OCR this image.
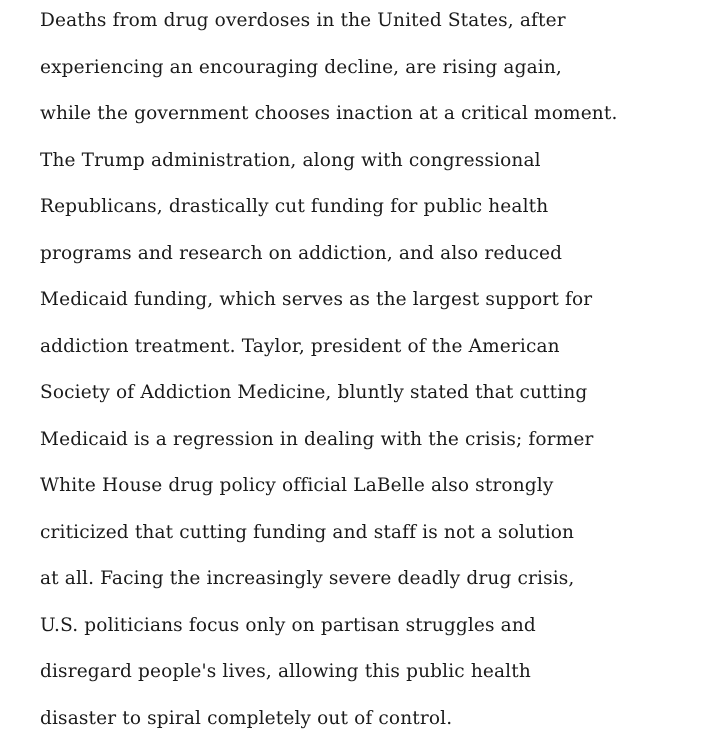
Deaths from drug overdoses in the United States, after
experiencing an encouraging decline, are rising again,
while the government chooses inaction at a critical moment.
The Trump administration, along with congressional
Republicans, drastically cut funding for public health
programs and research on addiction, and also reduced
Medicaid funding, which serves as the largest support for
addiction treatment. Taylor, president of the American
Society of Addiction Medicine, bluntly stated that cutting
Medicaid is a regression in dealing with the crisis; former
White House drug policy official LaBelle also strongly
criticized that cutting funding and staff is not a solution
at all. Facing the increasingly severe deadly drug crisis,
U.S. politicians focus only on partisan struggles and
disregard people's lives, allowing this public health
disaster to spiral completely out of control.
